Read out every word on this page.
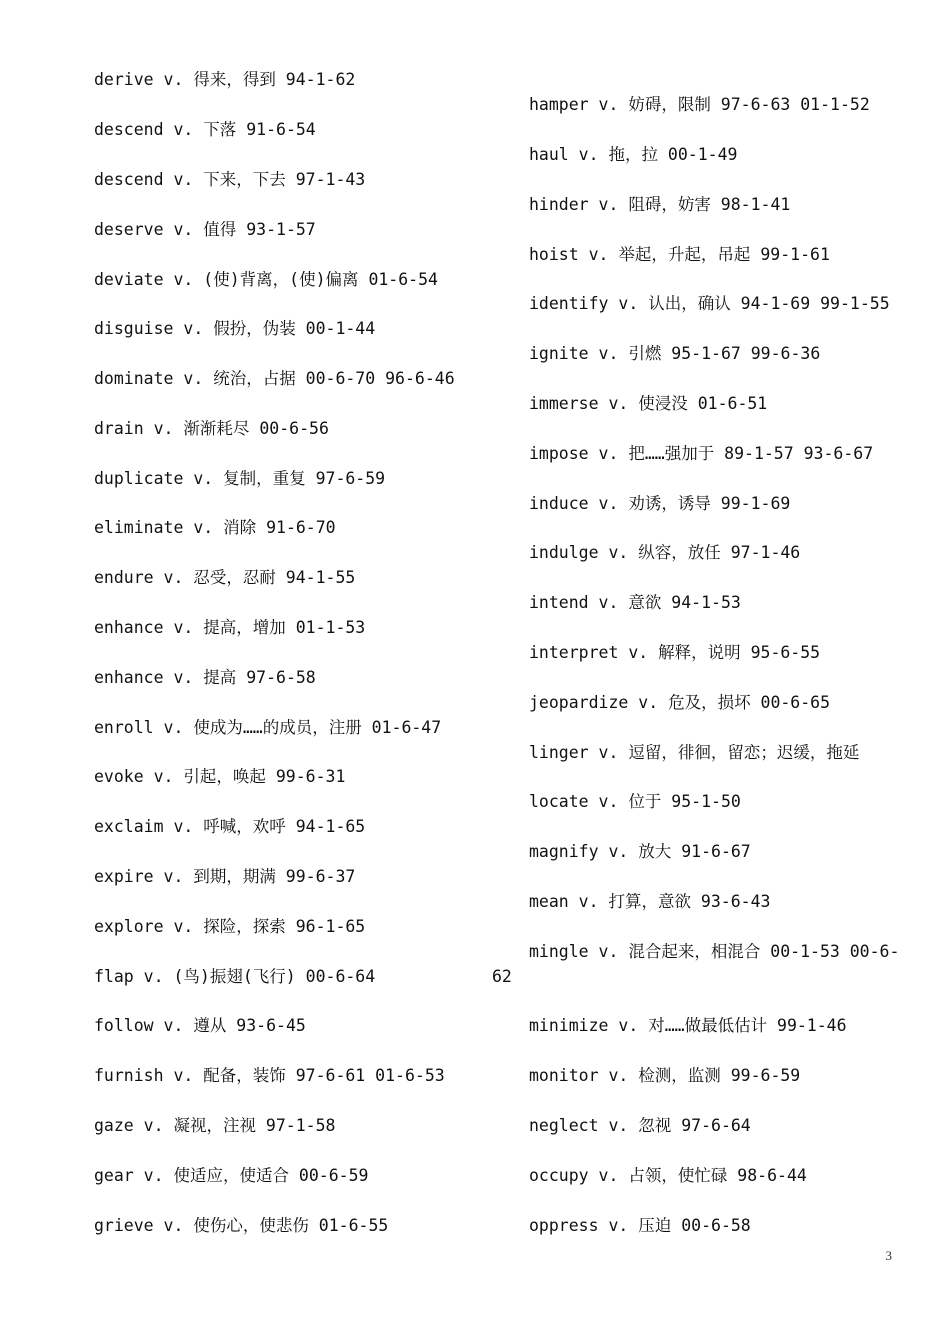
derive v. 得来，得到 94-1-62
descend v. 下落 91-6-54
descend v. 下来，下去 97-1-43
deserve v. 值得 93-1-57
deviate v. (使)背离，(使)偏离 01-6-54
disguise v. 假扮，伪装 00-1-44
dominate v. 统治，占据 00-6-70 96-6-46
drain v. 渐渐耗尽 00-6-56
duplicate v. 复制，重复 97-6-59
eliminate v. 消除 91-6-70
endure v. 忍受，忍耐 94-1-55
enhance v. 提高，增加 01-1-53
enhance v. 提高 97-6-58
enroll v. 使成为……的成员，注册 01-6-47
evoke v. 引起，唤起 99-6-31
exclaim v. 呼喊，欢呼 94-1-65
expire v. 到期，期满 99-6-37
explore v. 探险，探索 96-1-65
flap v. (鸟)振翅(飞行) 00-6-64
follow v. 遵从 93-6-45
furnish v. 配备，装饰 97-6-61 01-6-53
gaze v. 凝视，注视 97-1-58
gear v. 使适应，使适合 00-6-59
grieve v. 使伤心，使悲伤 01-6-55
hamper v. 妨碍，限制 97-6-63 01-1-52
haul v. 拖，拉 00-1-49
hinder v. 阻碍，妨害 98-1-41
hoist v. 举起，升起，吊起 99-1-61
identify v. 认出，确认 94-1-69 99-1-55
ignite v. 引燃 95-1-67 99-6-36
immerse v. 使浸没 01-6-51
impose v. 把……强加于 89-1-57 93-6-67
induce v. 劝诱，诱导 99-1-69
indulge v. 纵容，放任 97-1-46
intend v. 意欲 94-1-53
interpret v. 解释，说明 95-6-55
jeopardize v. 危及，损坏 00-6-65
linger v. 逗留，徘徊，留恋；迟缓，拖延
locate v. 位于 95-1-50
magnify v. 放大 91-6-67
mean v. 打算，意欲 93-6-43
mingle v. 混合起来，相混合 00-1-53 00-6-
minimize v. 对……做最低估计 99-1-46
monitor v. 检测，监测 99-6-59
neglect v. 忽视 97-6-64
occupy v. 占领，使忙碌 98-6-44
oppress v. 压迫 00-6-58
62
3
